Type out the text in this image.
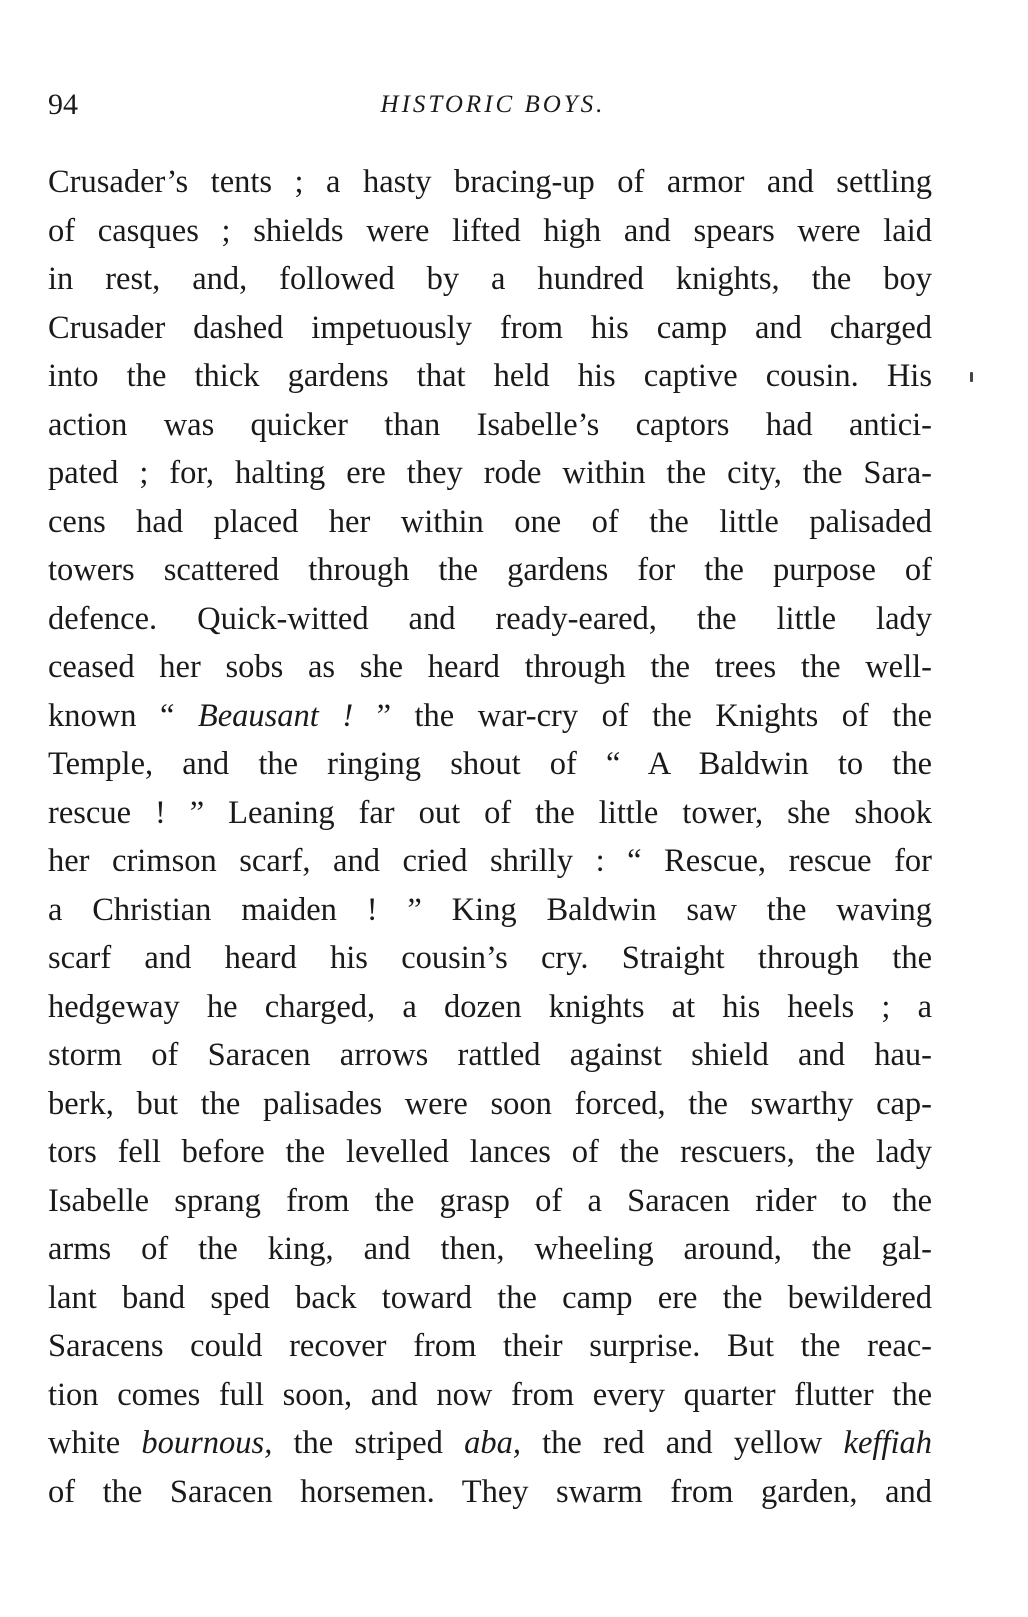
94	HISTORIC BOYS.

Crusader’s tents ; a hasty bracing-up of armor and settling
of casques ; shields were lifted high and spears were laid
in rest, and, followed by a hundred knights, the boy
Crusader dashed impetuously from his camp and charged
into the thick gardens that held his captive cousin. His
action was quicker than Isabelle’s captors had antici-
pated ; for, halting ere they rode within the city, the Sara-
cens had placed her within one of the little palisaded
towers scattered through the gardens for the purpose of
defence. Quick-witted and ready-eared, the little lady
ceased her sobs as she heard through the trees the well-
known “ Beausant ! ” the war-cry of the Knights of the
Temple, and the ringing shout of “ A Baldwin to the
rescue ! ” Leaning far out of the little tower, she shook
her crimson scarf, and cried shrilly : “ Rescue, rescue for
a Christian maiden ! ” King Baldwin saw the waving
scarf and heard his cousin’s cry. Straight through the
hedgeway he charged, a dozen knights at his heels ; a
storm of Saracen arrows rattled against shield and hau-
berk, but the palisades were soon forced, the swarthy cap-
tors fell before the levelled lances of the rescuers, the lady
Isabelle sprang from the grasp of a Saracen rider to the
arms of the king, and then, wheeling around, the gal-
lant band sped back toward the camp ere the bewildered
Saracens could recover from their surprise. But the reac-
tion comes full soon, and now from every quarter flutter the
white bournous, the striped aba, the red and yellow keffiah
of the Saracen horsemen. They swarm from garden, and
